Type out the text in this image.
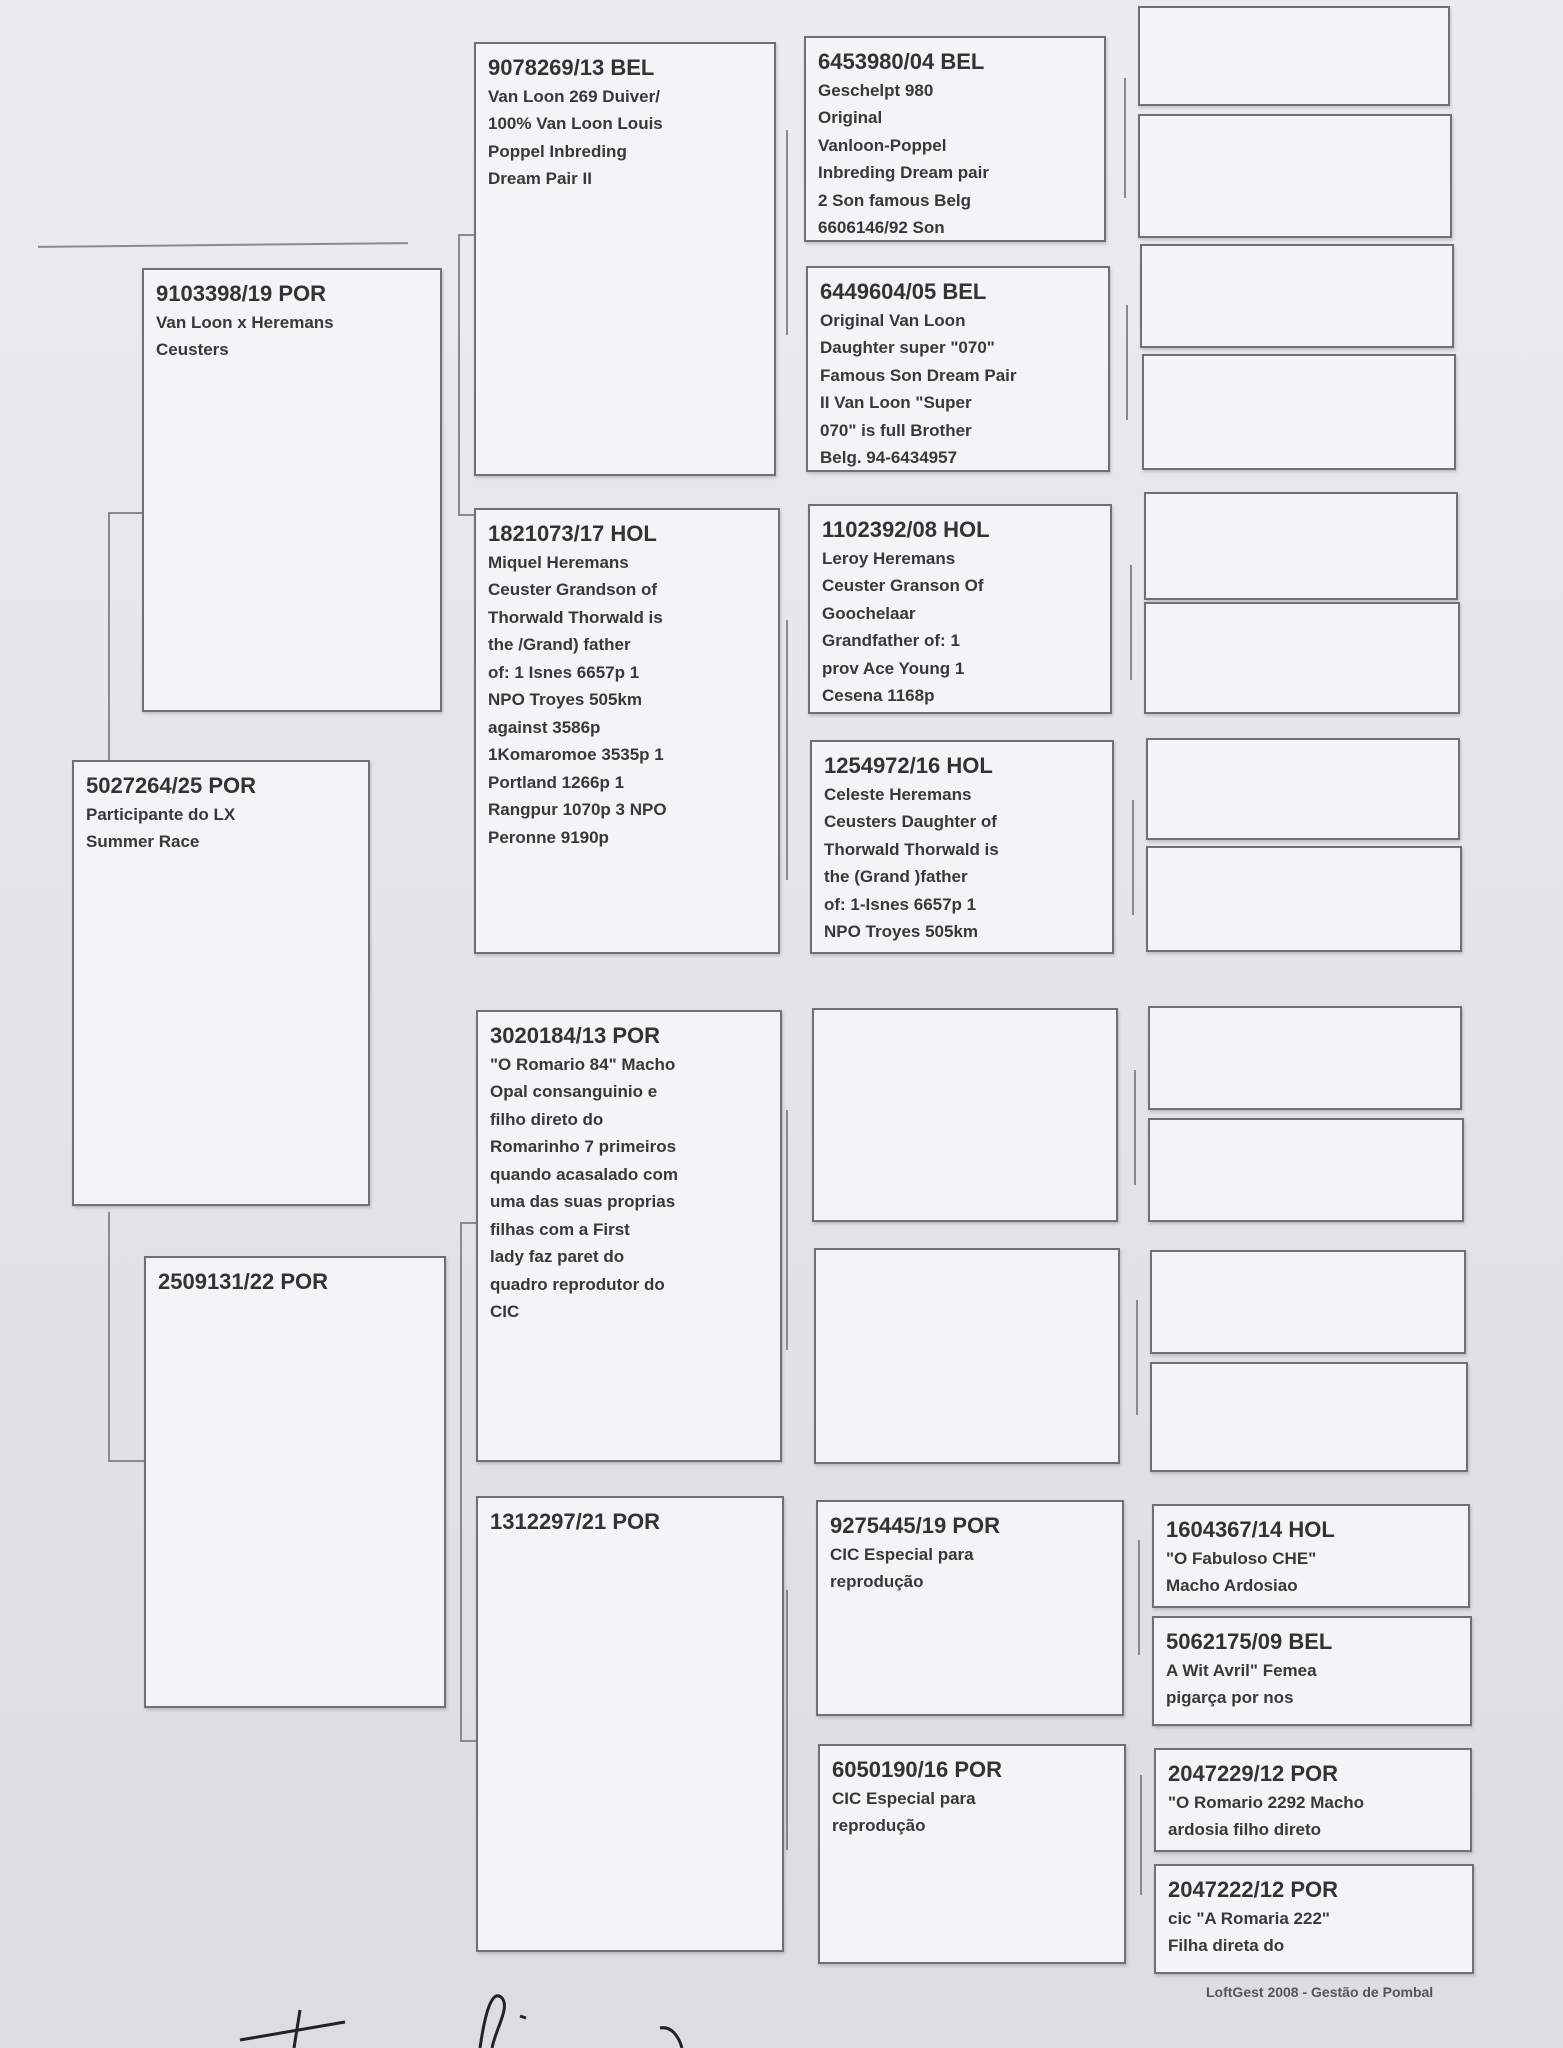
5027264/25 POR
Participante do LX
Summer Race
9103398/19 POR
Van Loon x Heremans
Ceusters
2509131/22 POR
9078269/13 BEL
Van Loon 269 Duiver/
100% Van Loon Louis
Poppel Inbreding
Dream Pair II
1821073/17 HOL
Miquel Heremans
Ceuster Grandson of
Thorwald Thorwald is
the /Grand) father
of: 1 Isnes 6657p 1
NPO Troyes 505km
against 3586p
1Komaromoe 3535p 1
Portland 1266p 1
Rangpur 1070p 3 NPO
Peronne 9190p
3020184/13 POR
"O Romario 84" Macho
Opal consanguinio e
filho direto do
Romarinho 7 primeiros
quando acasalado com
uma das suas proprias
filhas com a First
lady faz paret do
quadro reprodutor do
CIC
1312297/21 POR
6453980/04 BEL
Geschelpt 980
Original
Vanloon-Poppel
Inbreding Dream pair
2 Son famous Belg
6606146/92 Son
6449604/05 BEL
Original Van Loon
Daughter super "070"
Famous Son Dream Pair
II Van Loon "Super
070" is full Brother
Belg. 94-6434957
1102392/08 HOL
Leroy Heremans
Ceuster Granson Of
Goochelaar
Grandfather of: 1
prov Ace Young 1
Cesena 1168p
1254972/16 HOL
Celeste Heremans
Ceusters Daughter of
Thorwald Thorwald is
the (Grand )father
of: 1-Isnes 6657p 1
NPO Troyes 505km
9275445/19 POR
CIC Especial para
reprodução
6050190/16 POR
CIC Especial para
reprodução
1604367/14 HOL
"O Fabuloso CHE"
Macho Ardosiao
5062175/09 BEL
A Wit Avril" Femea
pigarça por nos
2047229/12 POR
"O Romario 2292 Macho
ardosia filho direto
2047222/12 POR
cic "A Romaria 222"
Filha direta do
LoftGest 2008 - Gestão de Pombal
